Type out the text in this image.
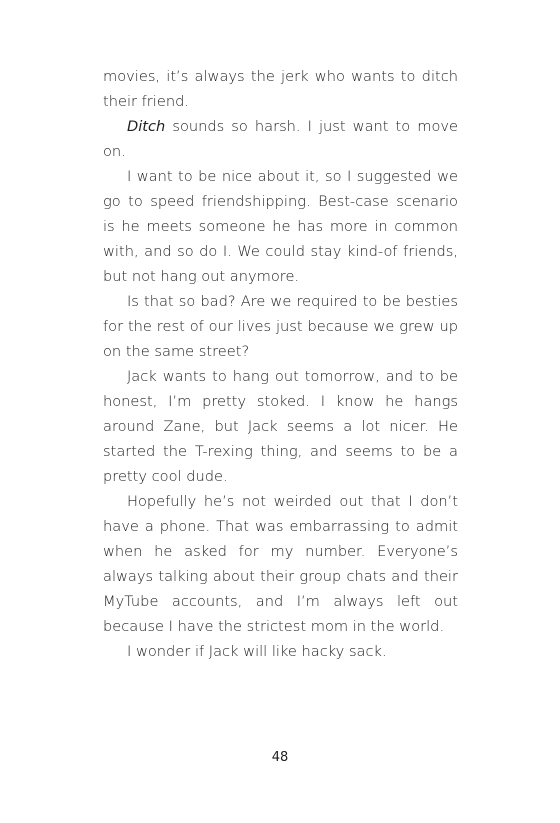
movies, it’s always the jerk who wants to ditch their friend.

Ditch sounds so harsh. I just want to move on.

I want to be nice about it, so I suggested we go to speed friendshipping. Best-case scenario is he meets someone he has more in common with, and so do I. We could stay kind-of friends, but not hang out anymore.

Is that so bad? Are we required to be besties for the rest of our lives just because we grew up on the same street?

Jack wants to hang out tomorrow, and to be honest, I’m pretty stoked. I know he hangs around Zane, but Jack seems a lot nicer. He started the T-rexing thing, and seems to be a pretty cool dude.

Hopefully he’s not weirded out that I don’t have a phone. That was embarrassing to admit when he asked for my number. Everyone’s always talking about their group chats and their MyTube accounts, and I’m always left out because I have the strictest mom in the world.

I wonder if Jack will like hacky sack.

48
